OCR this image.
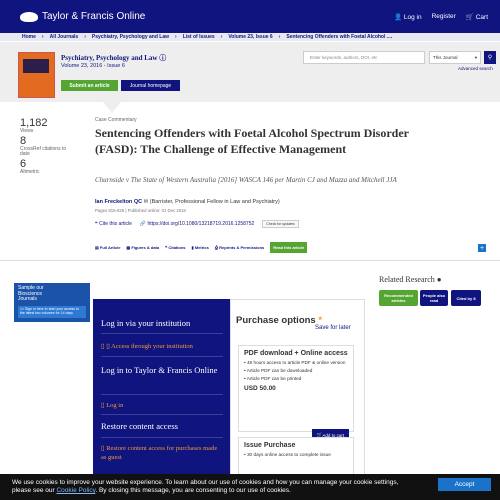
Taylor & Francis Online	👤 Log in Register 🛒 Cart
Home › All Journals › Psychiatry, Psychology and Law › List of Issues › Volume 23, Issue 6 › Sentencing Offenders with Foetal Alcohol ....
Psychiatry, Psychology and Law ⓘ
Volume 23, 2016 - Issue 6
Submit an article	Journal homepage
Enter keywords, authors, DOI, etc	This Journal	▾ ⚲
Advanced search
1,182
Views
8
CrossRef citations to date
6
Altmetric
Case Commentary
Sentencing Offenders with Foetal Alcohol Spectrum Disorder (FASD): The Challenge of Effective Management
Churnside v The State of Western Australia [2016] WASCA 146 per Martin CJ and Mazza and Mitchell JJA
Ian Freckelton QC ✉ (Barrister, Professional Fellow in Law and Psychiatry)
Pages 815-825 | Published online: 01 Dec 2016
❝ Cite this article 🔗 https://doi.org/10.1080/13218719.2016.1258752	Check for updates
▤ Full Article ▦ Figures & data ❝ Citations ▮ Metrics ⎙ Reprints & Permissions	Read this article	+
Sample our
Bioscience
Journals
>> Sign in here to start your access to the latest two volumes for 14 days
Related Research ●
Recommended articles
People also read	Cited by 8
Log in via your institution
▯ ▯ Access through your institution
Log in to Taylor & Francis Online
▯ Log in
Restore content access
▯ Restore content access for purchases made as guest
Purchase options *
Save for later
PDF download + Online access
• 48 hours access to article PDF & online version
• Article PDF can be downloaded
• Article PDF can be printed
USD 50.00
🛒 Add to cart
Issue Purchase
• 30 days online access to complete issue
We use cookies to improve your website experience. To learn about our use of cookies and how you can manage your cookie settings,
please see our Cookie Policy. By closing this message, you are consenting to our use of cookies.
Accept
